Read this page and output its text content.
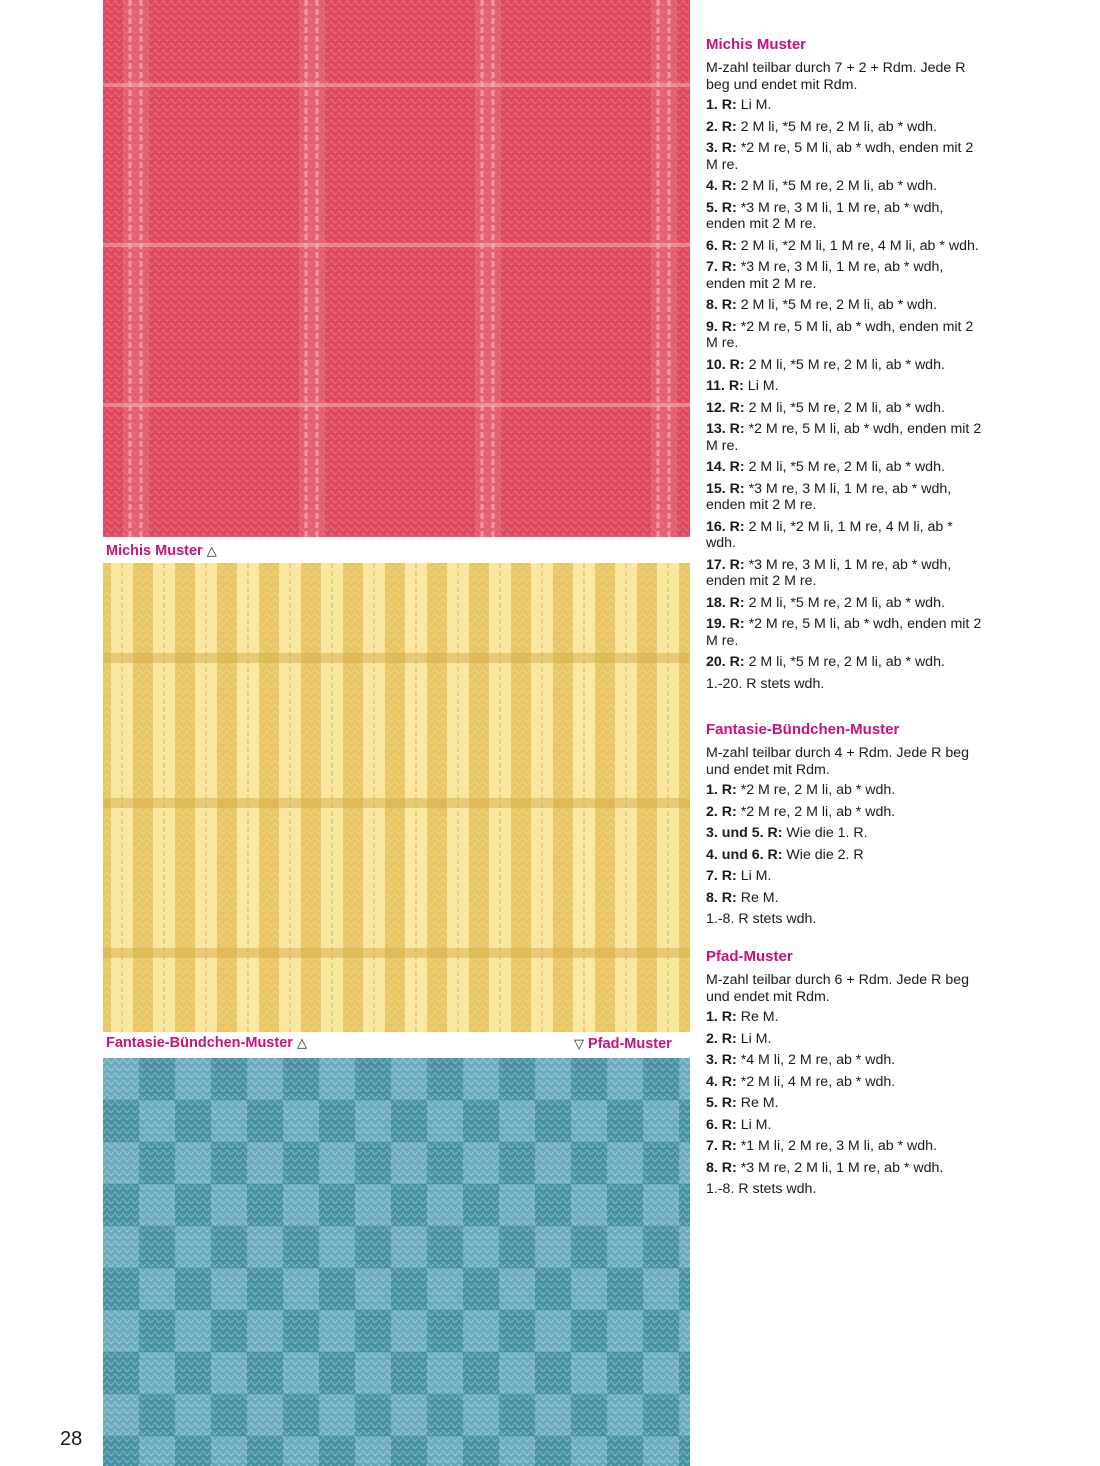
Michis Muster △
Fantasie-Bündchen-Muster △	▽ Pfad-Muster
28
Michis Muster
M-zahl teilbar durch 7 + 2 + Rdm. Jede R beg und endet mit Rdm.
1. R: Li M.
2. R: 2 M li, *5 M re, 2 M li, ab * wdh.
3. R: *2 M re, 5 M li, ab * wdh, enden mit 2 M re.
4. R: 2 M li, *5 M re, 2 M li, ab * wdh.
5. R: *3 M re, 3 M li, 1 M re, ab * wdh, enden mit 2 M re.
6. R: 2 M li, *2 M li, 1 M re, 4 M li, ab * wdh.
7. R: *3 M re, 3 M li, 1 M re, ab * wdh, enden mit 2 M re.
8. R: 2 M li, *5 M re, 2 M li, ab * wdh.
9. R: *2 M re, 5 M li, ab * wdh, enden mit 2 M re.
10. R: 2 M li, *5 M re, 2 M li, ab * wdh.
11. R: Li M.
12. R: 2 M li, *5 M re, 2 M li, ab * wdh.
13. R: *2 M re, 5 M li, ab * wdh, enden mit 2 M re.
14. R: 2 M li, *5 M re, 2 M li, ab * wdh.
15. R: *3 M re, 3 M li, 1 M re, ab * wdh, enden mit 2 M re.
16. R: 2 M li, *2 M li, 1 M re, 4 M li, ab * wdh.
17. R: *3 M re, 3 M li, 1 M re, ab * wdh, enden mit 2 M re.
18. R: 2 M li, *5 M re, 2 M li, ab * wdh.
19. R: *2 M re, 5 M li, ab * wdh, enden mit 2 M re.
20. R: 2 M li, *5 M re, 2 M li, ab * wdh.
1.-20. R stets wdh.
Fantasie-Bündchen-Muster
M-zahl teilbar durch 4 + Rdm. Jede R beg und endet mit Rdm.
1. R: *2 M re, 2 M li, ab * wdh.
2. R: *2 M re, 2 M li, ab * wdh.
3. und 5. R: Wie die 1. R.
4. und 6. R: Wie die 2. R
7. R: Li M.
8. R: Re M.
1.-8. R stets wdh.
Pfad-Muster
M-zahl teilbar durch 6 + Rdm. Jede R beg und endet mit Rdm.
1. R: Re M.
2. R: Li M.
3. R: *4 M li, 2 M re, ab * wdh.
4. R: *2 M li, 4 M re, ab * wdh.
5. R: Re M.
6. R: Li M.
7. R: *1 M li, 2 M re, 3 M li, ab * wdh.
8. R: *3 M re, 2 M li, 1 M re, ab * wdh.
1.-8. R stets wdh.
